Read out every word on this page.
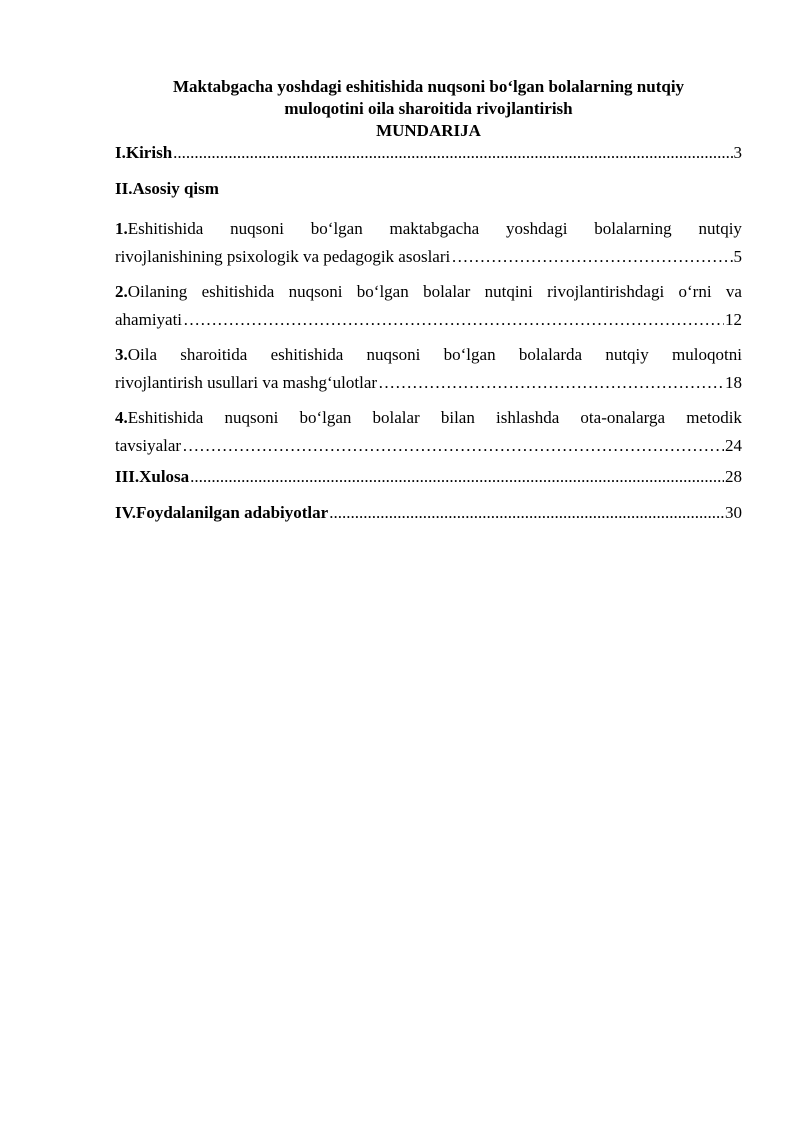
Maktabgacha yoshdagi eshitishida nuqsoni bo‘lgan bolalarning nutqiy

muloqotini oila sharoitida rivojlantirish

MUNDARIJA

I.Kirish .....	3
II.Asosiy qism
1.Eshitishida nuqsoni bo‘lgan maktabgacha yoshdagi bolalarning nutqiy
rivojlanishining psixologik va pedagogik asoslari ………………………………………………………………………………………………………………………………………………………………………………………………………………	5
2.Oilaning eshitishida nuqsoni bo‘lgan bolalar nutqini rivojlantirishdagi o‘rni va
ahamiyati ………………………………………………………………………………………………………………………………………………………………………………………………………………	12
3.Oila sharoitida eshitishida nuqsoni bo‘lgan bolalarda nutqiy muloqotni
rivojlantirish usullari va mashg‘ulotlar ………………………………………………………………………………………………………………………………………………………………………………………………………………	18
4.Eshitishida nuqsoni bo‘lgan bolalar bilan ishlashda ota-onalarga metodik
tavsiyalar ………………………………………………………………………………………………………………………………………………………………………………………………………………	24
III.Xulosa .....	28
IV.Foydalanilgan adabiyotlar .....	30
